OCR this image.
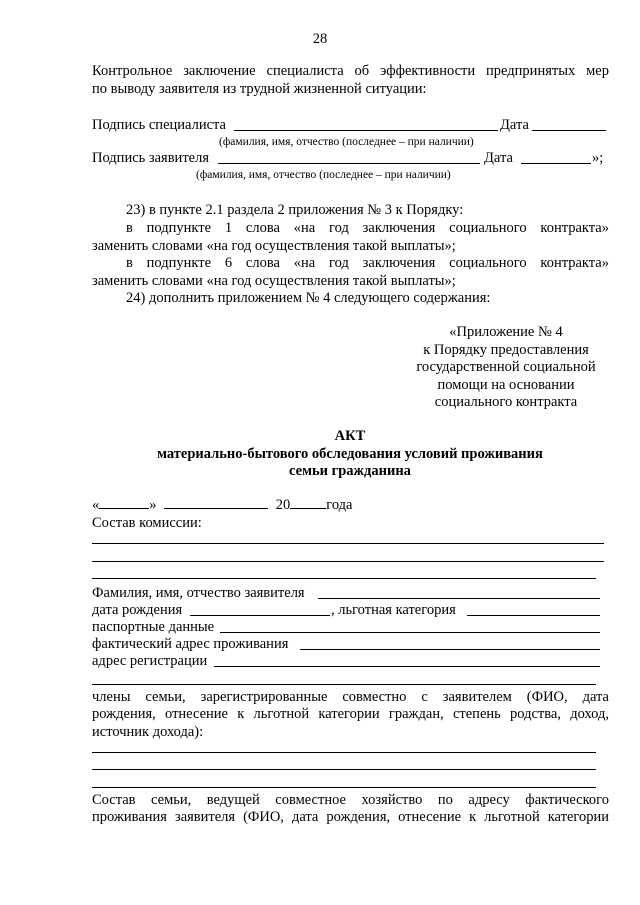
28
Контрольное заключение специалиста об эффективности предпринятых мер
по выводу заявителя из трудной жизненной ситуации:
Подпись специалиста	Дата
(фамилия, имя, отчество (последнее – при наличии)
Подпись заявителя	Дата	»;
(фамилия, имя, отчество (последнее – при наличии)
23) в пункте 2.1 раздела 2 приложения № 3 к Порядку:
в подпункте 1 слова «на год заключения социального контракта»
заменить словами «на год осуществления такой выплаты»;
в подпункте 6 слова «на год заключения социального контракта»
заменить словами «на год осуществления такой выплаты»;
24) дополнить приложением № 4 следующего содержания:
«Приложение № 4
к Порядку предоставления
государственной социальной
помощи на основании
социального контракта
АКТ
материально-бытового обследования условий проживания
семьи гражданина
«	»	20 года
Состав комиссии:
Фамилия, имя, отчество заявителя
дата рождения	, льготная категория
паспортные данные
фактический адрес проживания
адрес регистрации
члены семьи, зарегистрированные совместно с заявителем (ФИО, дата
рождения, отнесение к льготной категории граждан, степень родства, доход,
источник дохода):
Состав семьи, ведущей совместное хозяйство по адресу фактического
проживания заявителя (ФИО, дата рождения, отнесение к льготной категории
